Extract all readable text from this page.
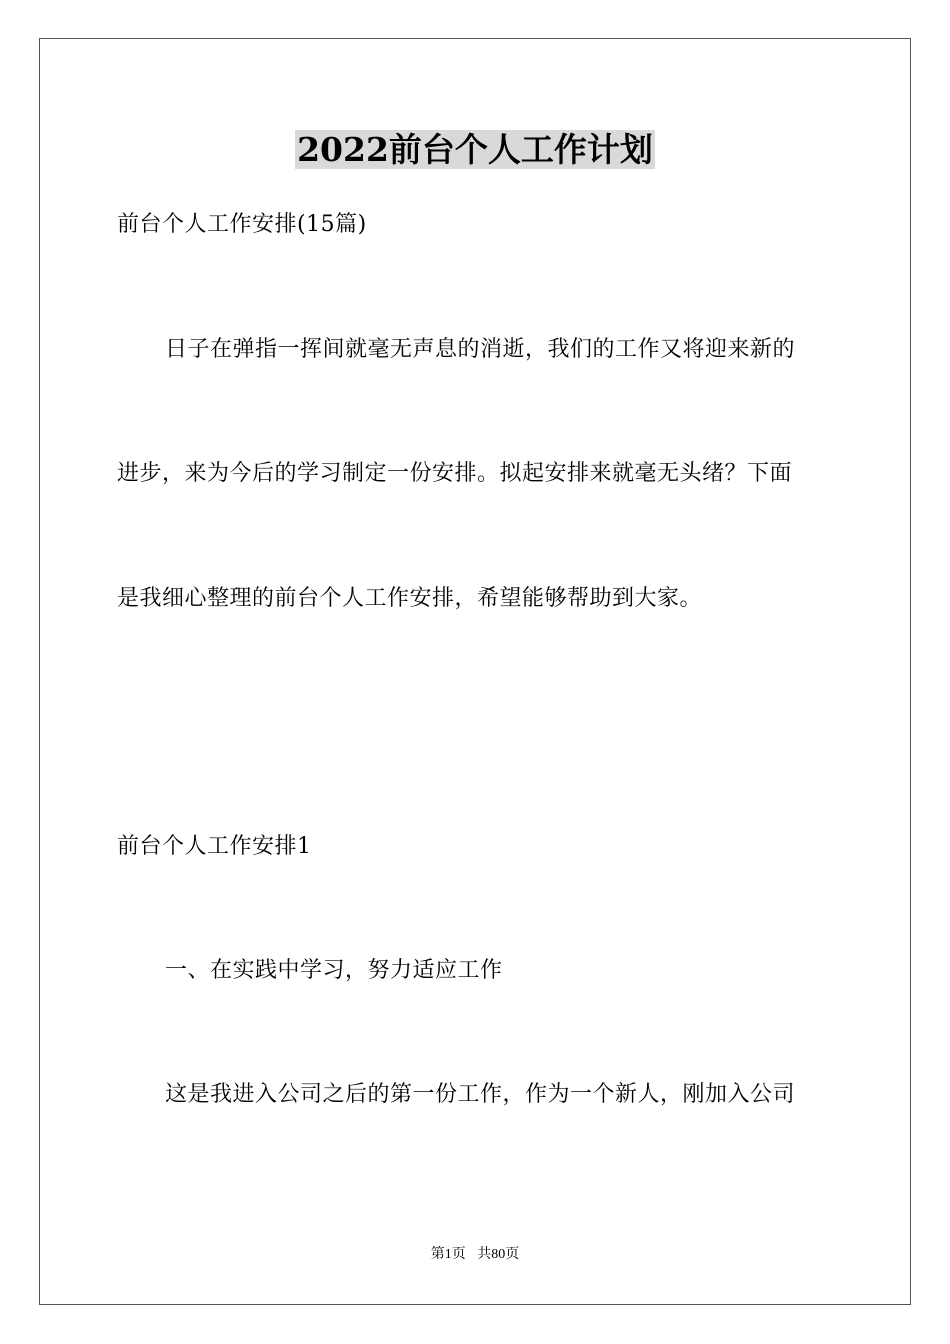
2022前台个人工作计划
前台个人工作安排(15篇)
日子在弹指一挥间就毫无声息的消逝，我们的工作又将迎来新的
进步，来为今后的学习制定一份安排。拟起安排来就毫无头绪？下面
是我细心整理的前台个人工作安排，希望能够帮助到大家。
前台个人工作安排1
一、在实践中学习，努力适应工作
这是我进入公司之后的第一份工作，作为一个新人，刚加入公司
第1页 共80页
